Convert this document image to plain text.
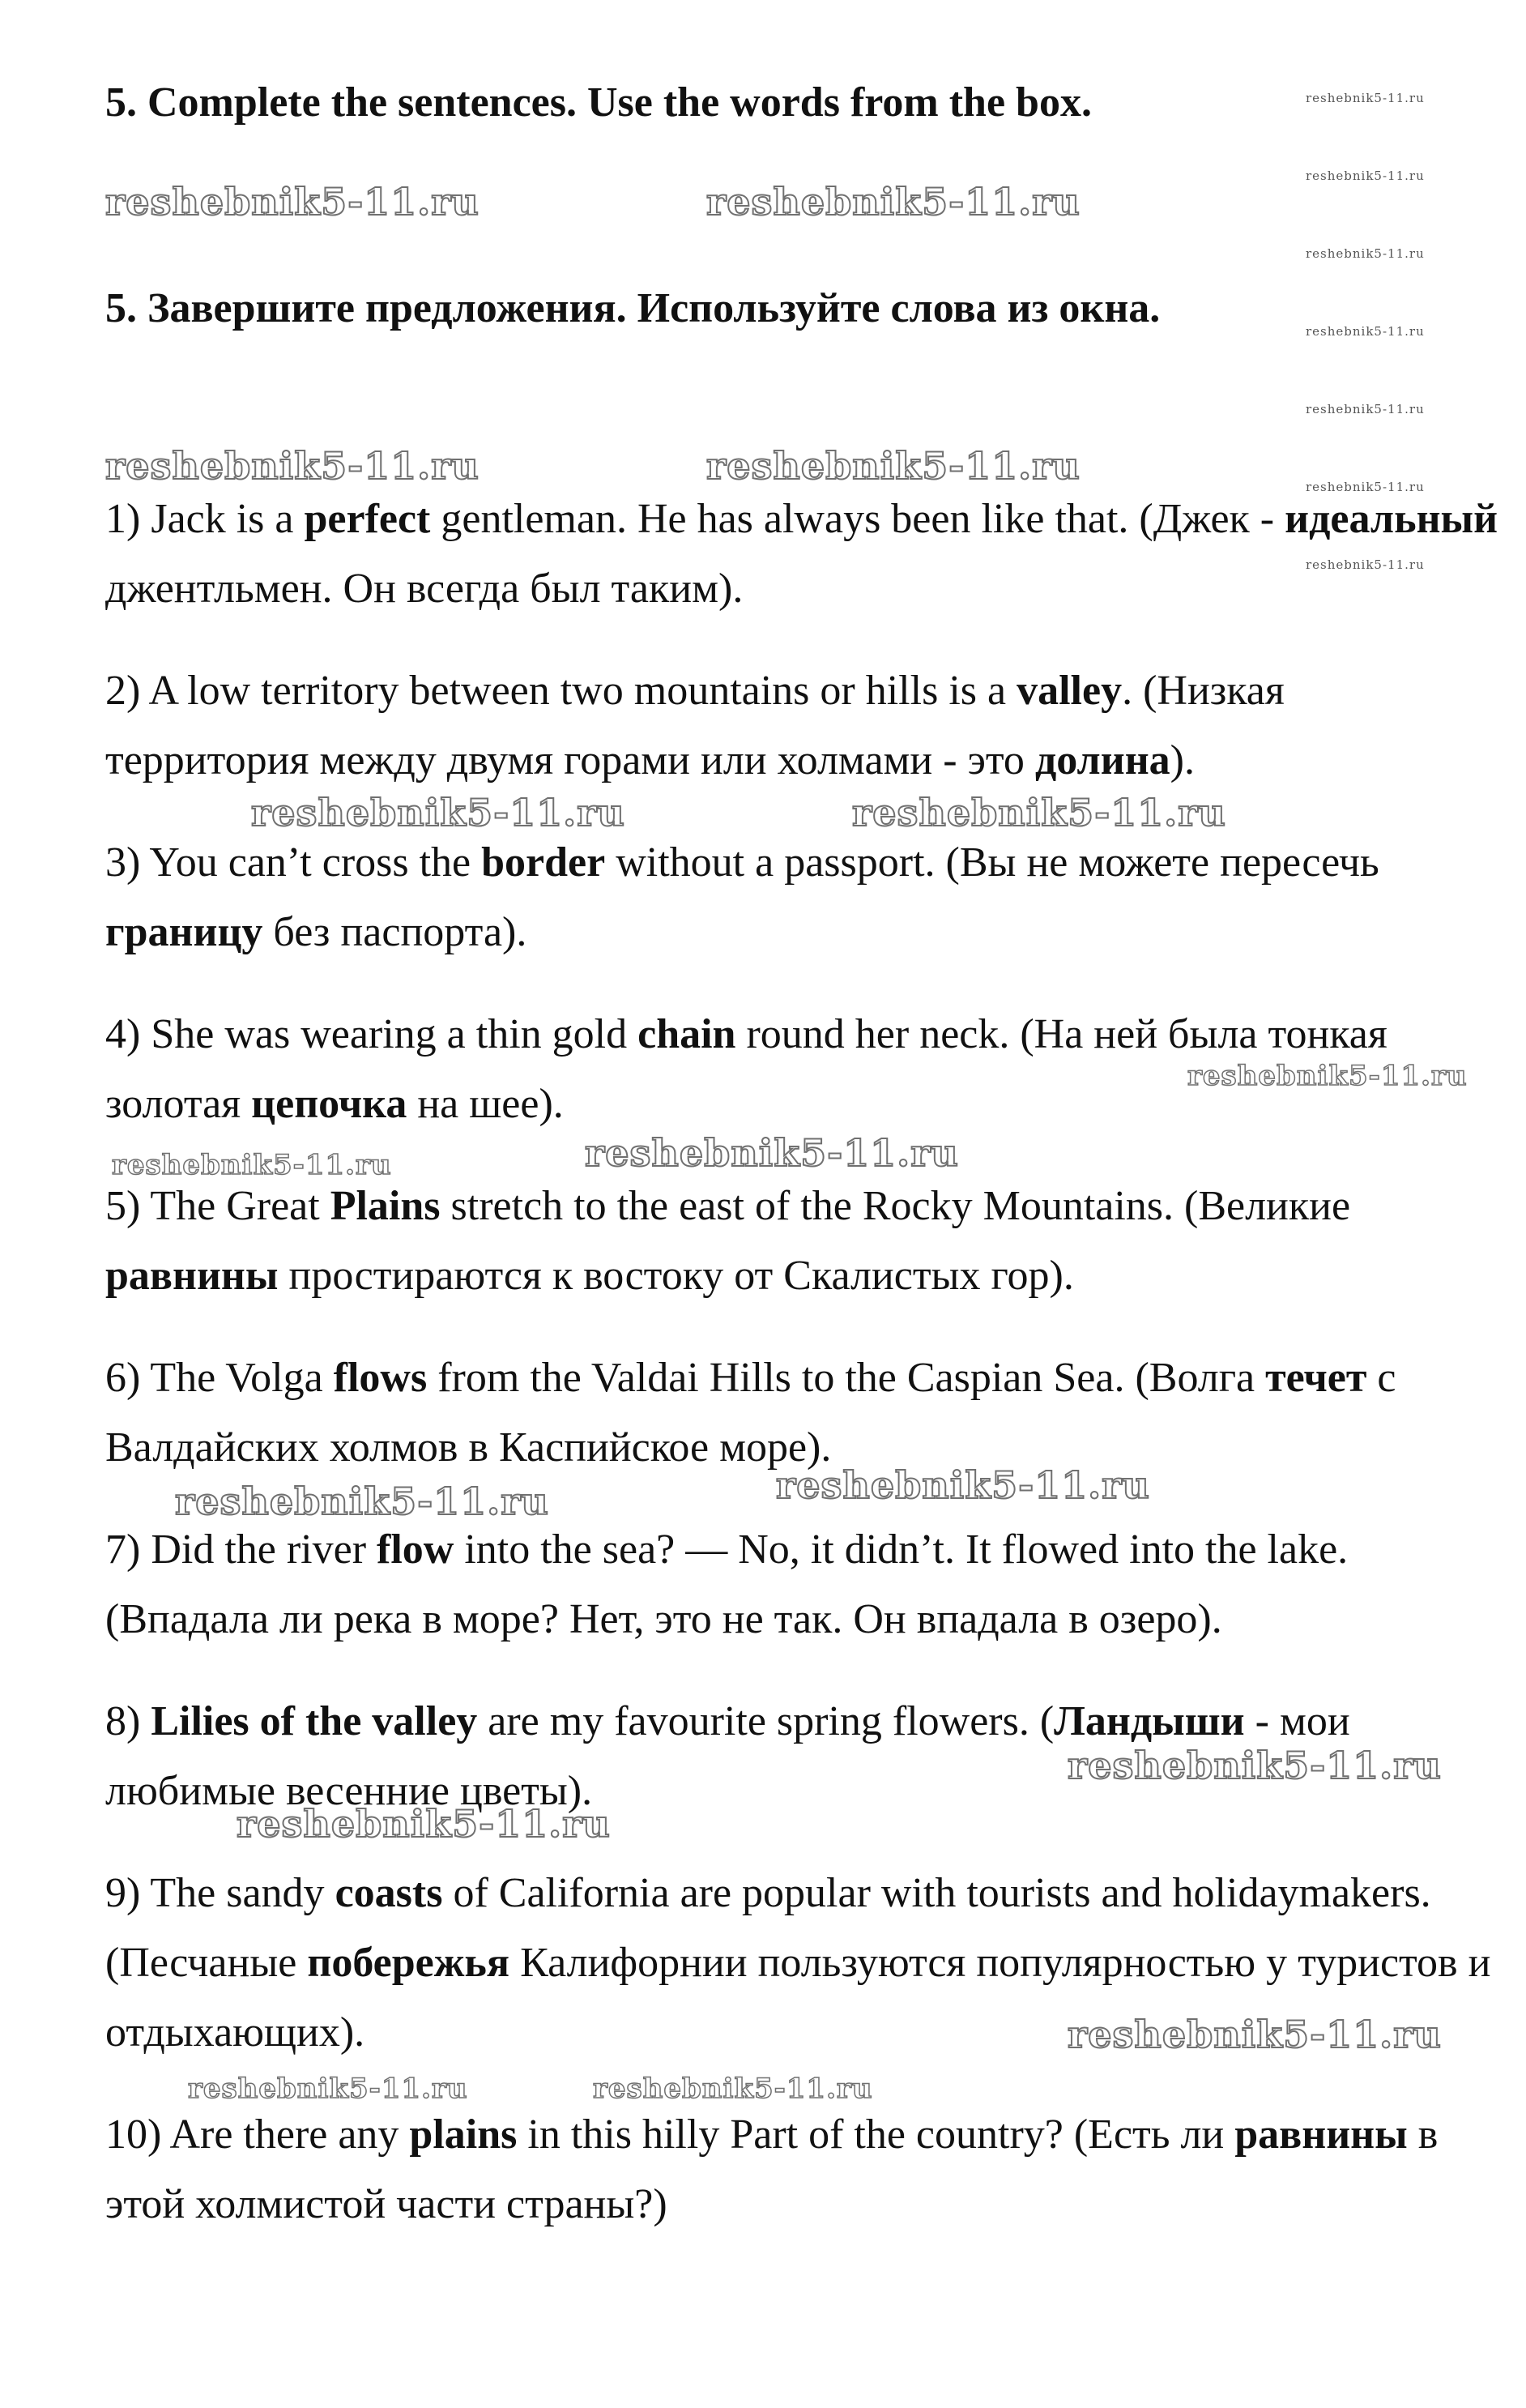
5. Complete the sentences. Use the words from the box.
5. Завершите предложения. Используйте слова из окна.

1) Jack is a perfect gentleman. He has always been like that. (Джек - идеальный джентльмен. Он всегда был таким).

2) A low territory between two mountains or hills is a valley. (Низкая территория между двумя горами или холмами - это долина).

3) You can’t cross the border without a passport. (Вы не можете пересечь границу без паспорта).

4) She was wearing a thin gold chain round her neck. (На ней была тонкая золотая цепочка на шее).

5) The Great Plains stretch to the east of the Rocky Mountains. (Великие равнины простираются к востоку от Скалистых гор).

6) The Volga flows from the Valdai Hills to the Caspian Sea. (Волга течет с Валдайских холмов в Каспийское море).

7) Did the river flow into the sea? — No, it didn’t. It flowed into the lake. (Впадала ли река в море? Нет, это не так. Он впадала в озеро).

8) Lilies of the valley are my favourite spring flowers. (Ландыши - мои любимые весенние цветы).

9) The sandy coasts of California are popular with tourists and holidaymakers. (Песчаные побережья Калифорнии пользуются популярностью у туристов и отдыхающих).

10) Are there any plains in this hilly Part of the country? (Есть ли равнины в этой холмистой части страны?)

reshebnik5-11.ru	reshebnik5-11.ru
reshebnik5-11.ru	reshebnik5-11.ru
reshebnik5-11.ru	reshebnik5-11.ru
reshebnik5-11.ru
reshebnik5-11.ru	reshebnik5-11.ru
reshebnik5-11.ru	reshebnik5-11.ru
reshebnik5-11.ru
reshebnik5-11.ru
reshebnik5-11.ru
reshebnik5-11.ru	reshebnik5-11.ru
reshebnik5-11.ru
reshebnik5-11.ru
reshebnik5-11.ru
reshebnik5-11.ru
reshebnik5-11.ru
reshebnik5-11.ru
reshebnik5-11.ru
